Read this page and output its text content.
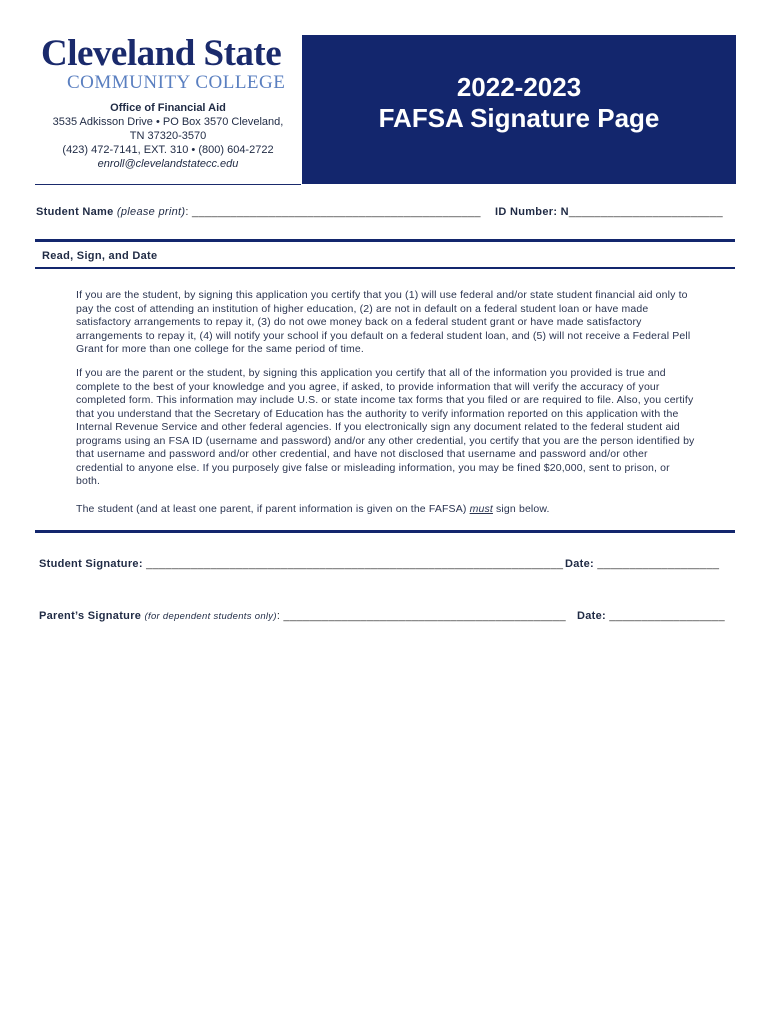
Cleveland State
COMMUNITY COLLEGE
Office of Financial Aid
3535 Adkisson Drive • PO Box 3570 Cleveland,
TN 37320-3570
(423) 472-7141, EXT. 310 • (800) 604-2722
enroll@clevelandstatecc.edu
2022-2023
FAFSA Signature Page
Student Name (please print): _____________________________________________ ID Number: N________________________
Read, Sign, and Date
If you are the student, by signing this application you certify that you (1) will use federal and/or state student financial aid only to pay the cost of attending an institution of higher education, (2) are not in default on a federal student loan or have made satisfactory arrangements to repay it, (3) do not owe money back on a federal student grant or have made satisfactory arrangements to repay it, (4) will notify your school if you default on a federal student loan, and (5) will not receive a Federal Pell Grant for more than one college for the same period of time.
If you are the parent or the student, by signing this application you certify that all of the information you provided is true and complete to the best of your knowledge and you agree, if asked, to provide information that will verify the accuracy of your completed form. This information may include U.S. or state income tax forms that you filed or are required to file. Also, you certify that you understand that the Secretary of Education has the authority to verify information reported on this application with the Internal Revenue Service and other federal agencies. If you electronically sign any document related to the federal student aid programs using an FSA ID (username and password) and/or any other credential, you certify that you are the person identified by that username and password and/or other credential, and have not disclosed that username and password and/or other credential to anyone else. If you purposely give false or misleading information, you may be fined $20,000, sent to prison, or both.
The student (and at least one parent, if parent information is given on the FAFSA) must sign below.
Student Signature: _________________________________________________________________ Date: ___________________
Parent’s Signature (for dependent students only): ____________________________________________ Date: __________________
